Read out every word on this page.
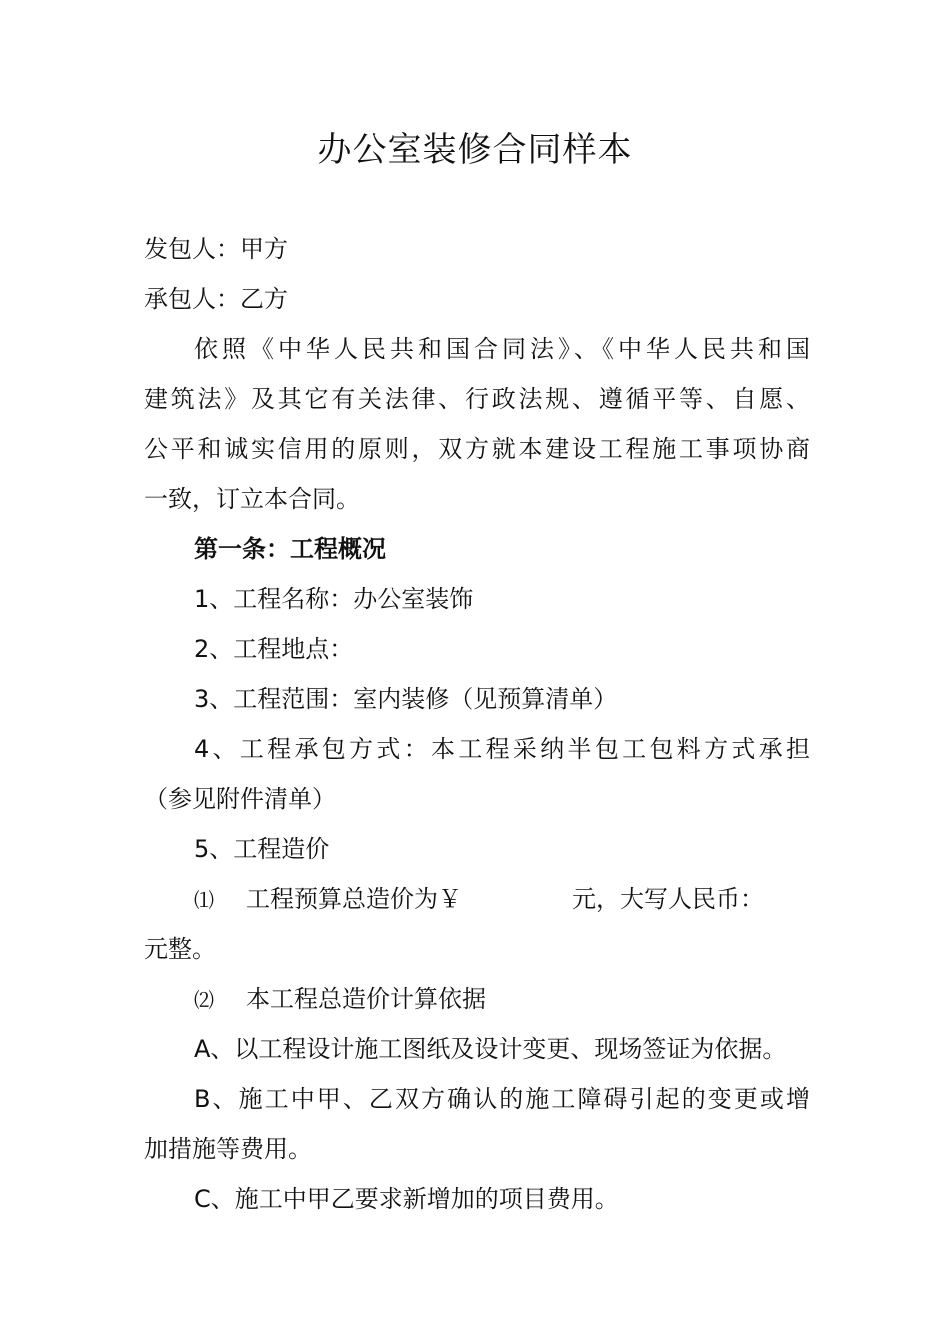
办公室装修合同样本
发包人：甲方
承包人：乙方
依照《中华人民共和国合同法》、《中华人民共和国
建筑法》及其它有关法律、行政法规、遵循平等、自愿、
公平和诚实信用的原则，双方就本建设工程施工事项协商
一致，订立本合同。
第一条：工程概况
1、工程名称：办公室装饰
2、工程地点：
3、工程范围：室内装修（见预算清单）
4、工程承包方式：本工程采纳半包工包料方式承担
（参见附件清单）
5、工程造价
⑴ 工程预算总造价为￥	元，大写人民币：
元整。
⑵ 本工程总造价计算依据
A、以工程设计施工图纸及设计变更、现场签证为依据。
B、施工中甲、乙双方确认的施工障碍引起的变更或增
加措施等费用。
C、施工中甲乙要求新增加的项目费用。
